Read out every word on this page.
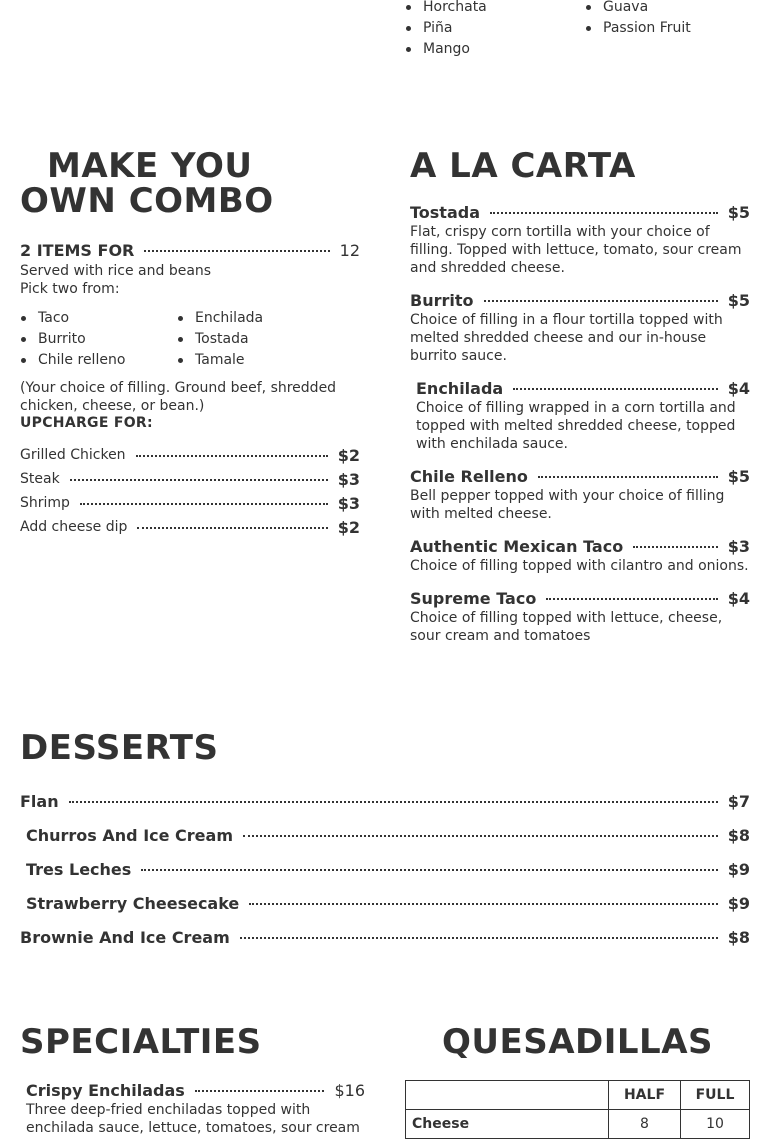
Horchata
Piña
Mango
Guava
Passion Fruit
MAKE YOU OWN COMBO
2 ITEMS FOR	12
Served with rice and beans
Pick two from:
Taco
Burrito
Chile relleno
Enchilada
Tostada
Tamale
(Your choice of filling. Ground beef, shredded chicken, cheese, or bean.)
UPCHARGE FOR:
Grilled Chicken	$2
Steak	$3
Shrimp	$3
Add cheese dip	$2
A LA CARTA
Tostada	$5
Flat, crispy corn tortilla with your choice of filling. Topped with lettuce, tomato, sour cream and shredded cheese.
Burrito	$5
Choice of filling in a flour tortilla topped with melted shredded cheese and our in-house burrito sauce.
Enchilada	$4
Choice of filling wrapped in a corn tortilla and topped with melted shredded cheese, topped with enchilada sauce.
Chile Relleno	$5
Bell pepper topped with your choice of filling with melted cheese.
Authentic Mexican Taco	$3
Choice of filling topped with cilantro and onions.
Supreme Taco	$4
Choice of filling topped with lettuce, cheese, sour cream and tomatoes
DESSERTS
Flan	$7
Churros And Ice Cream	$8
Tres Leches	$9
Strawberry Cheesecake	$9
Brownie And Ice Cream	$8
SPECIALTIES
Crispy Enchiladas	$16
Three deep-fried enchiladas topped with enchilada sauce, lettuce, tomatoes, sour cream
QUESADILLAS
	HALF	FULL
Cheese	8	10
